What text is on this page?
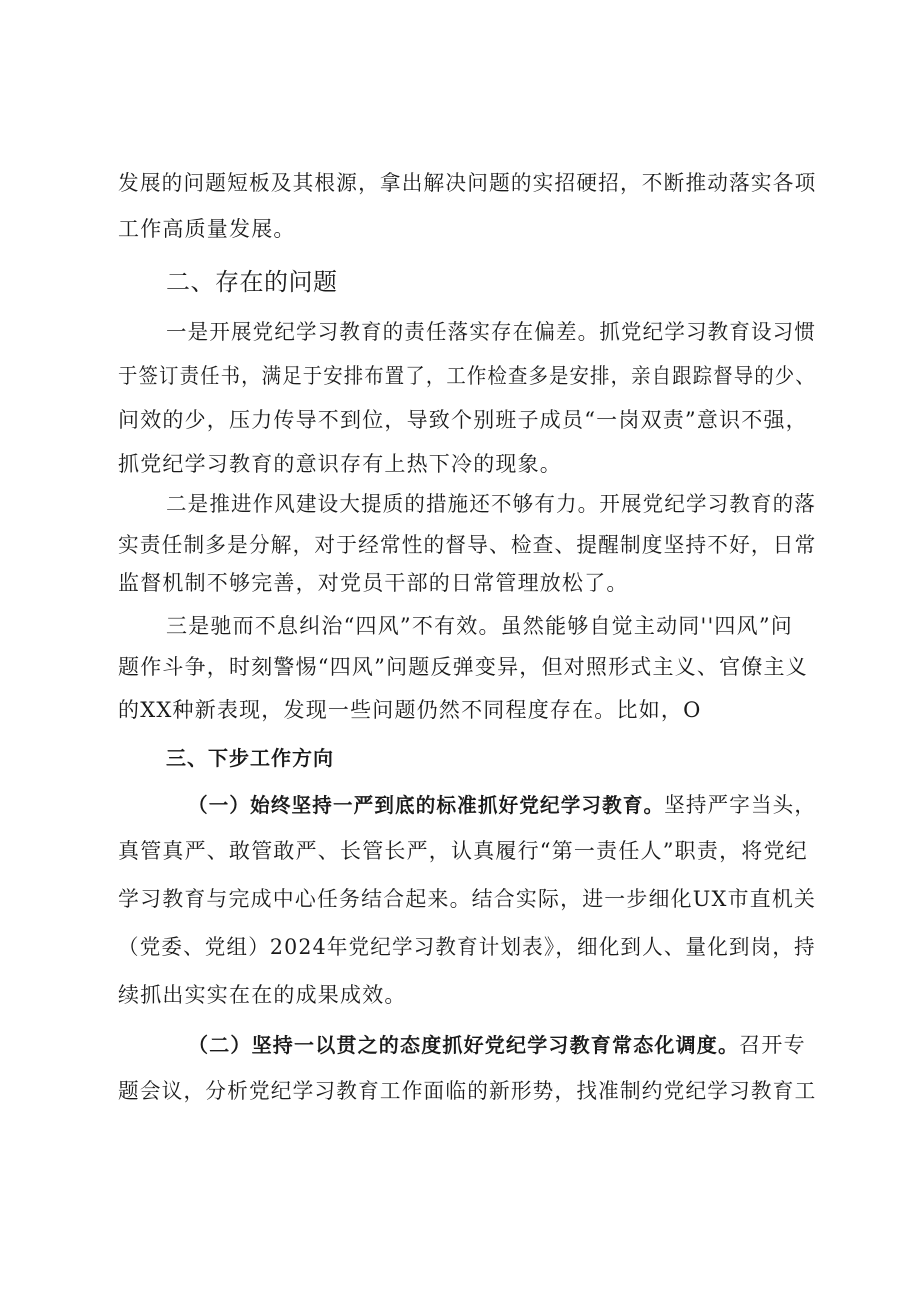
发展的问题短板及其根源，拿出解决问题的实招硬招，不断推动落实各项
工作高质量发展。
二、存在的问题
一是开展党纪学习教育的责任落实存在偏差。抓党纪学习教育设习惯
于签订责任书，满足于安排布置了，工作检查多是安排，亲自跟踪督导的少、
问效的少，压力传导不到位，导致个别班子成员“一岗双责”意识不强，
抓党纪学习教育的意识存有上热下冷的现象。
二是推进作风建设大提质的措施还不够有力。开展党纪学习教育的落
实责任制多是分解，对于经常性的督导、检查、提醒制度坚持不好，日常
监督机制不够完善，对党员干部的日常管理放松了。
三是驰而不息纠治“四风”不有效。虽然能够自觉主动同''四风”问
题作斗争，时刻警惕“四风”问题反弹变异，但对照形式主义、官僚主义
的XX种新表现，发现一些问题仍然不同程度存在。比如，O
三、下步工作方向
（一）始终坚持一严到底的标准抓好党纪学习教育。坚持严字当头，
真管真严、敢管敢严、长管长严，认真履行“第一责任人”职责，将党纪
学习教育与完成中心任务结合起来。结合实际，进一步细化UX市直机关
（党委、党组）2024年党纪学习教育计划表》，细化到人、量化到岗，持
续抓出实实在在的成果成效。
（二）坚持一以贯之的态度抓好党纪学习教育常态化调度。召开专
题会议，分析党纪学习教育工作面临的新形势，找准制约党纪学习教育工
